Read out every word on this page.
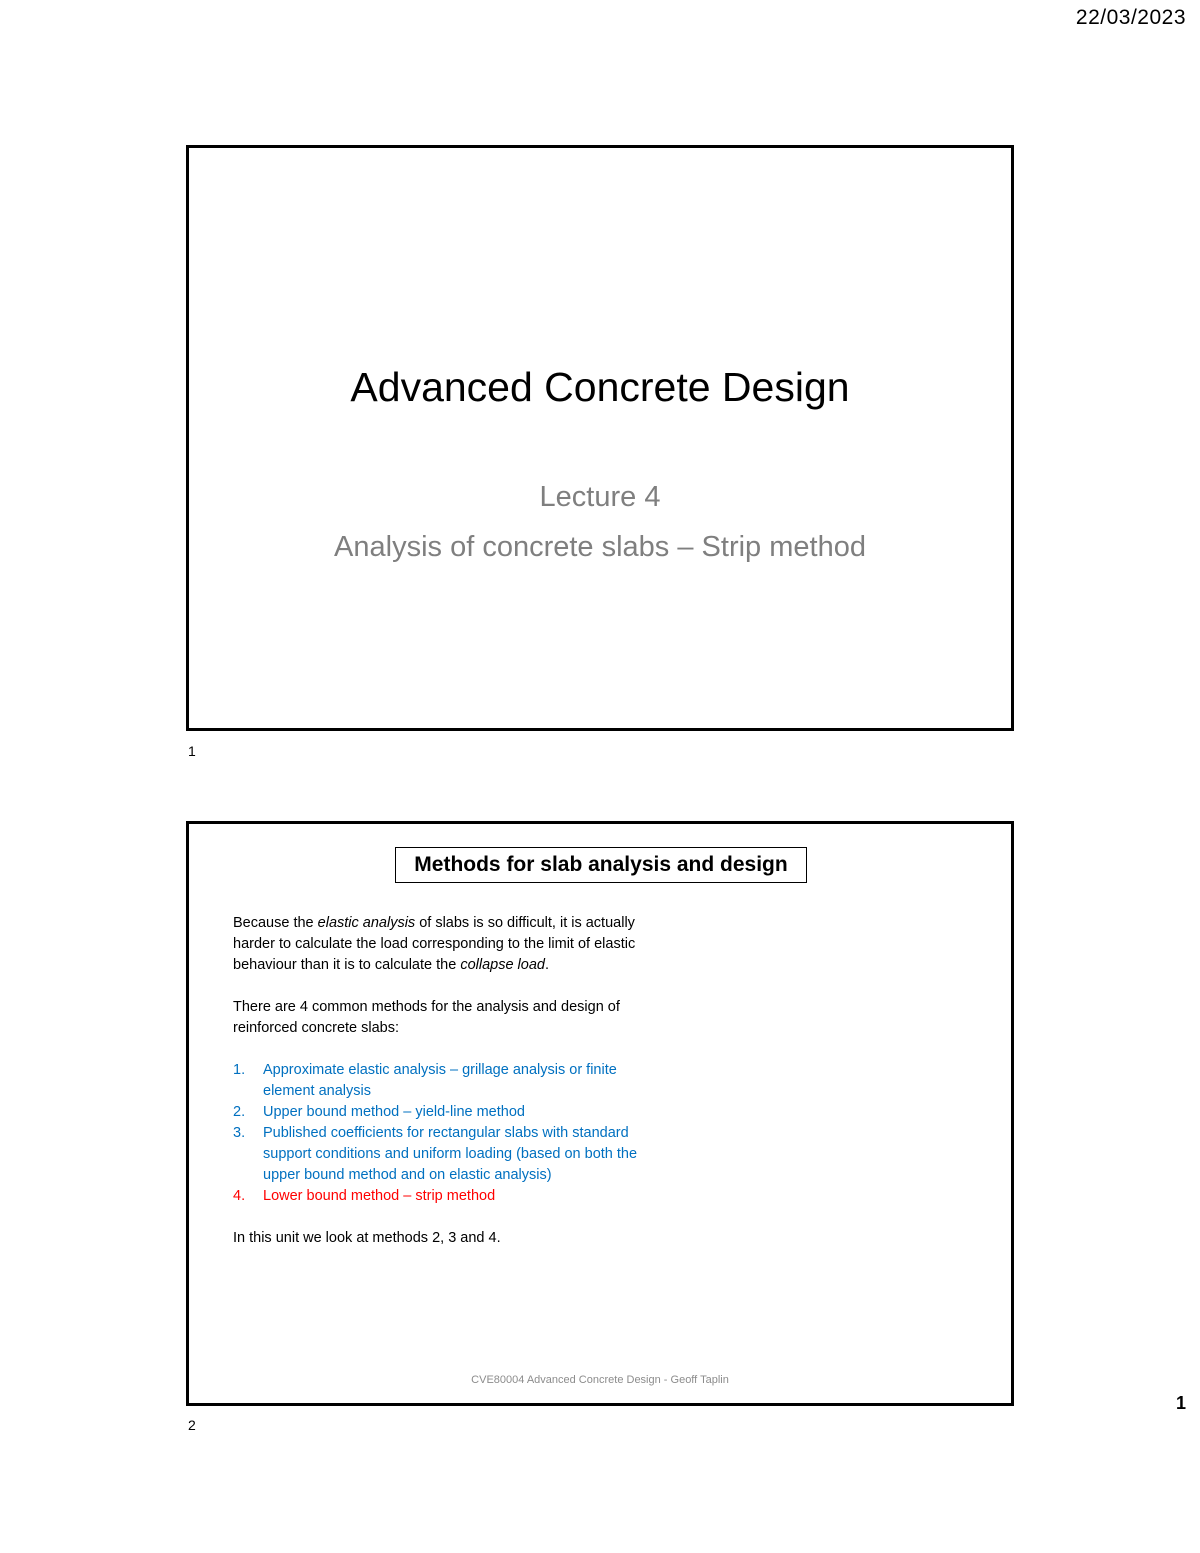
22/03/2023
Advanced Concrete Design
Lecture 4
Analysis of concrete slabs – Strip method
1
Methods for slab analysis and design

Because the elastic analysis of slabs is so difficult, it is actually harder to calculate the load corresponding to the limit of elastic behaviour than it is to calculate the collapse load.

There are 4 common methods for the analysis and design of reinforced concrete slabs:

1.	Approximate elastic analysis – grillage analysis or finite element analysis
2.	Upper bound method – yield-line method
3.	Published coefficients for rectangular slabs with standard support conditions and uniform loading (based on both the upper bound method and on elastic analysis)
4.	Lower bound method – strip method

In this unit we look at methods 2, 3 and 4.

CVE80004 Advanced Concrete Design - Geoff Taplin
2
1
